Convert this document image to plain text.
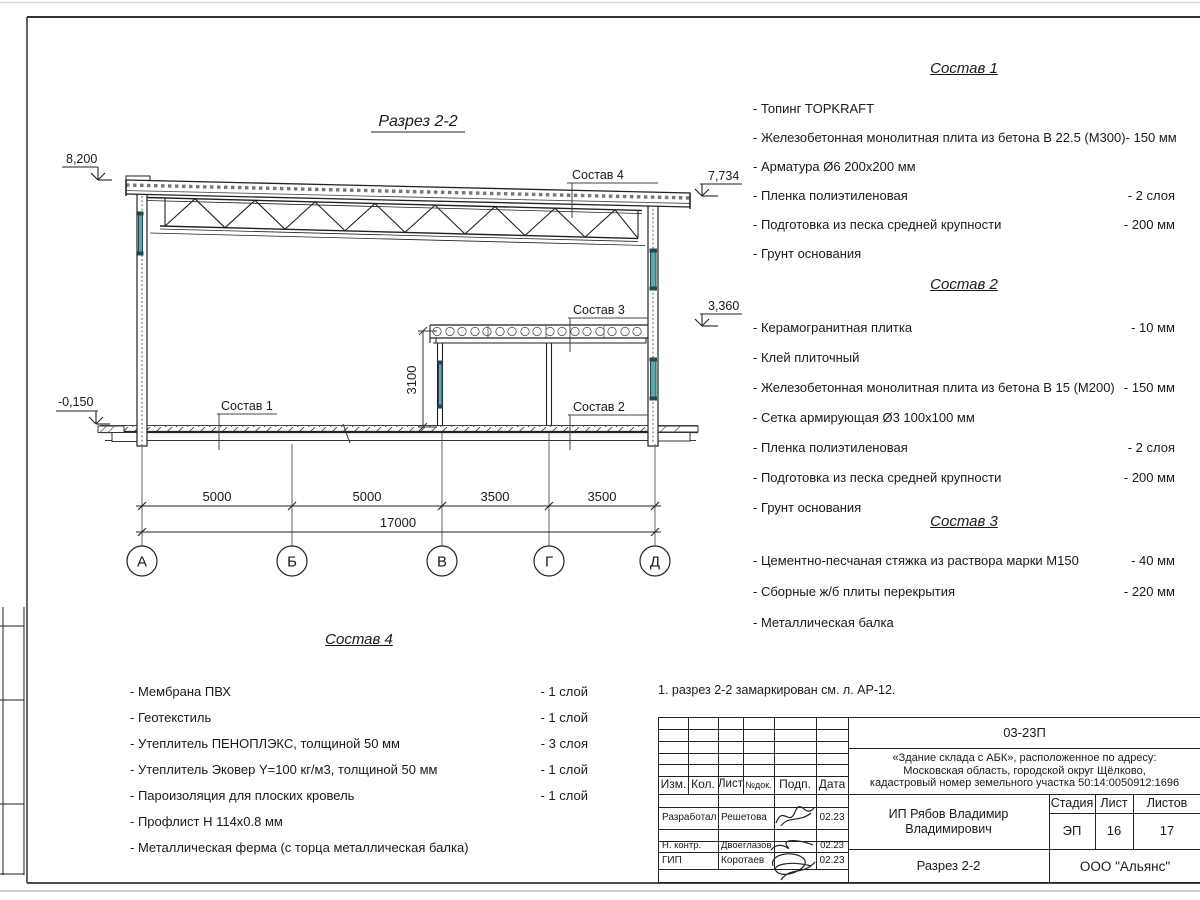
Разрез 2-2
8,200
7,734
3,360
-0,150
Состав 4
Состав 3
Состав 2
Состав 1
3100
5000	5000	3500	3500
17000
А	Б	В	Г	Д
Состав 1
- Топинг TOPKRAFT
- Железобетонная монолитная плита из бетона В 22.5 (М300)- 150 мм
- Арматура Ø6 200х200 мм
- Пленка полиэтиленовая	- 2 слоя
- Подготовка из песка средней крупности	- 200 мм
- Грунт основания
Состав 2
- Керамогранитная плитка	- 10 мм
- Клей плиточный
- Железобетонная монолитная плита из бетона В 15 (М200) - 150 мм
- Сетка армирующая Ø3 100х100 мм
- Пленка полиэтиленовая	- 2 слоя
- Подготовка из песка средней крупности	- 200 мм
- Грунт основания
Состав 3
- Цементно-песчаная стяжка из раствора марки М150	- 40 мм
- Сборные ж/б плиты перекрытия	- 220 мм
- Металлическая балка
Состав 4
- Мембрана ПВХ	- 1 слой
- Геотекстиль	- 1 слой
- Утеплитель ПЕНОПЛЭКС, толщиной 50 мм	- 3 слоя
- Утеплитель Эковер Y=100 кг/м3, толщиной 50 мм	- 1 слой
- Пароизоляция для плоских кровель	- 1 слой
- Профлист Н 114х0.8 мм
- Металлическая ферма (с торца металлическая балка)
1. разрез 2-2 замаркирован см. л. АР-12.
Изм. Кол. Лист №док. Подп. Дата
Разработал Решетова	02.23
Н. контр.	Двоеглазов	02.23
ГИП	Коротаев	02.23
03-23П
«Здание склада с АБК», расположенное по адресу:
Московская область, городской округ Щёлково,
кадастровый номер земельного участка 50:14:0050912:1696
ИП Рябов Владимир Владимирович
Стадия Лист	Листов
ЭП	16	17
Разрез 2-2	ООО "Альянс"
